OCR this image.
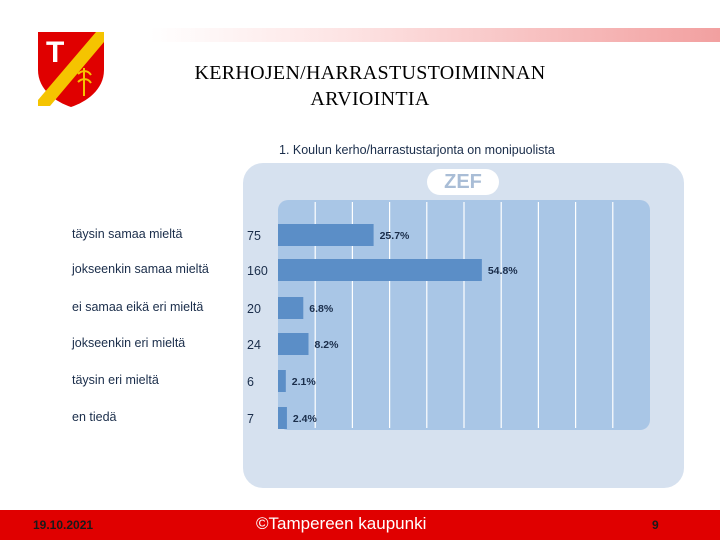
T
KERHOJEN/HARRASTUSTOIMINNAN
ARVIOINTIA
1. Koulun kerho/harrastustarjonta on monipuolista
ZEF
täysin samaa mieltä
jokseenkin samaa mieltä
ei samaa eikä eri mieltä
jokseenkin eri mieltä
täysin eri mieltä
en tiedä
75	25.7%
160	54.8%
20	6.8%
24	8.2%
6	2.1%
7	2.4%
19.10.2021	©Tampereen kaupunki	9
